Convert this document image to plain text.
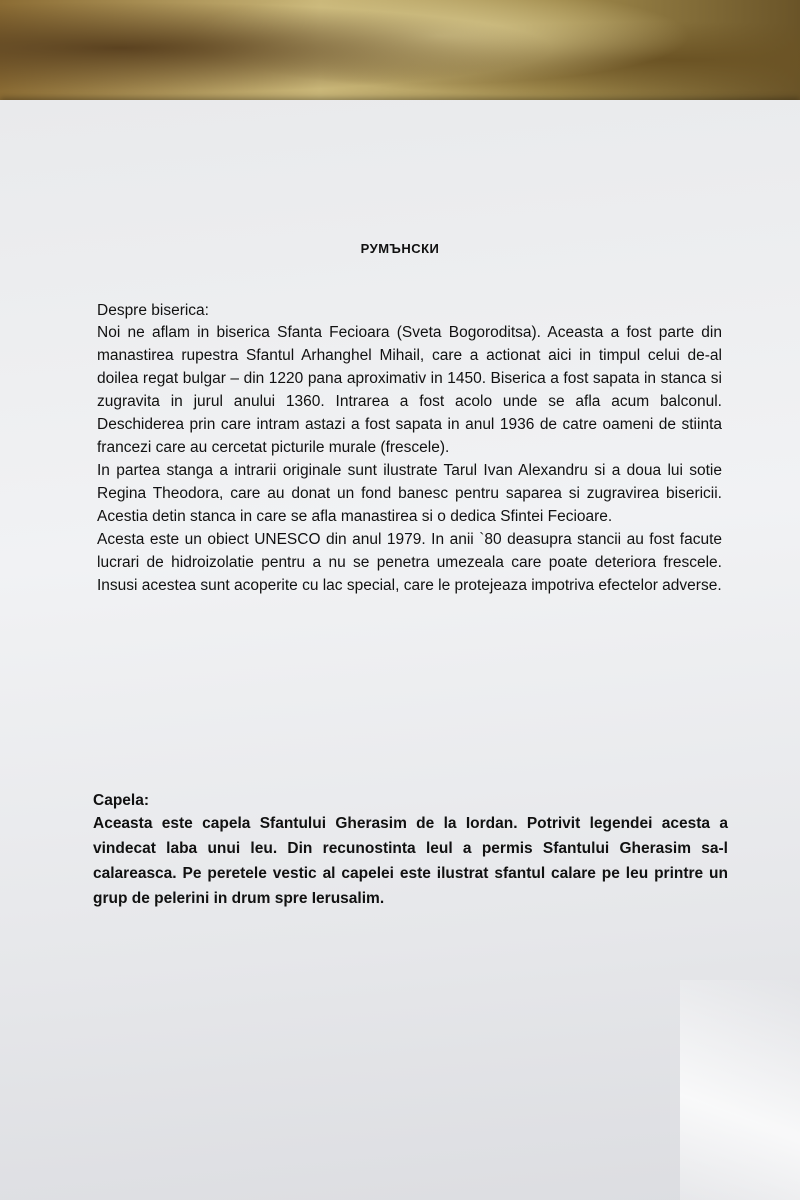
РУМЪНСКИ

Despre biserica:

Noi ne aflam in biserica Sfanta Fecioara (Sveta Bogoroditsa). Aceasta a fost parte din manastirea rupestra Sfantul Arhanghel Mihail, care a actionat aici in timpul celui de-al doilea regat bulgar – din 1220 pana aproximativ in 1450. Biserica a fost sapata in stanca si zugravita in jurul anului 1360. Intrarea a fost acolo unde se afla acum balconul. Deschiderea prin care intram astazi a fost sapata in anul 1936 de catre oameni de stiinta francezi care au cercetat picturile murale (frescele).

In partea stanga a intrarii originale sunt ilustrate Tarul Ivan Alexandru si a doua lui sotie Regina Theodora, care au donat un fond banesc pentru saparea si zugravirea bisericii. Acestia detin stanca in care se afla manastirea si o dedica Sfintei Fecioare.

Acesta este un obiect UNESCO din anul 1979. In anii `80 deasupra stancii au fost facute lucrari de hidroizolatie pentru a nu se penetra umezeala care poate deteriora frescele. Insusi acestea sunt acoperite cu lac special, care le protejeaza impotriva efectelor adverse.

Capela:

Aceasta este capela Sfantului Gherasim de la Iordan. Potrivit legendei acesta a vindecat laba unui leu. Din recunostinta leul a permis Sfantului Gherasim sa-l calareasca. Pe peretele vestic al capelei este ilustrat sfantul calare pe leu printre un grup de pelerini in drum spre Ierusalim.
